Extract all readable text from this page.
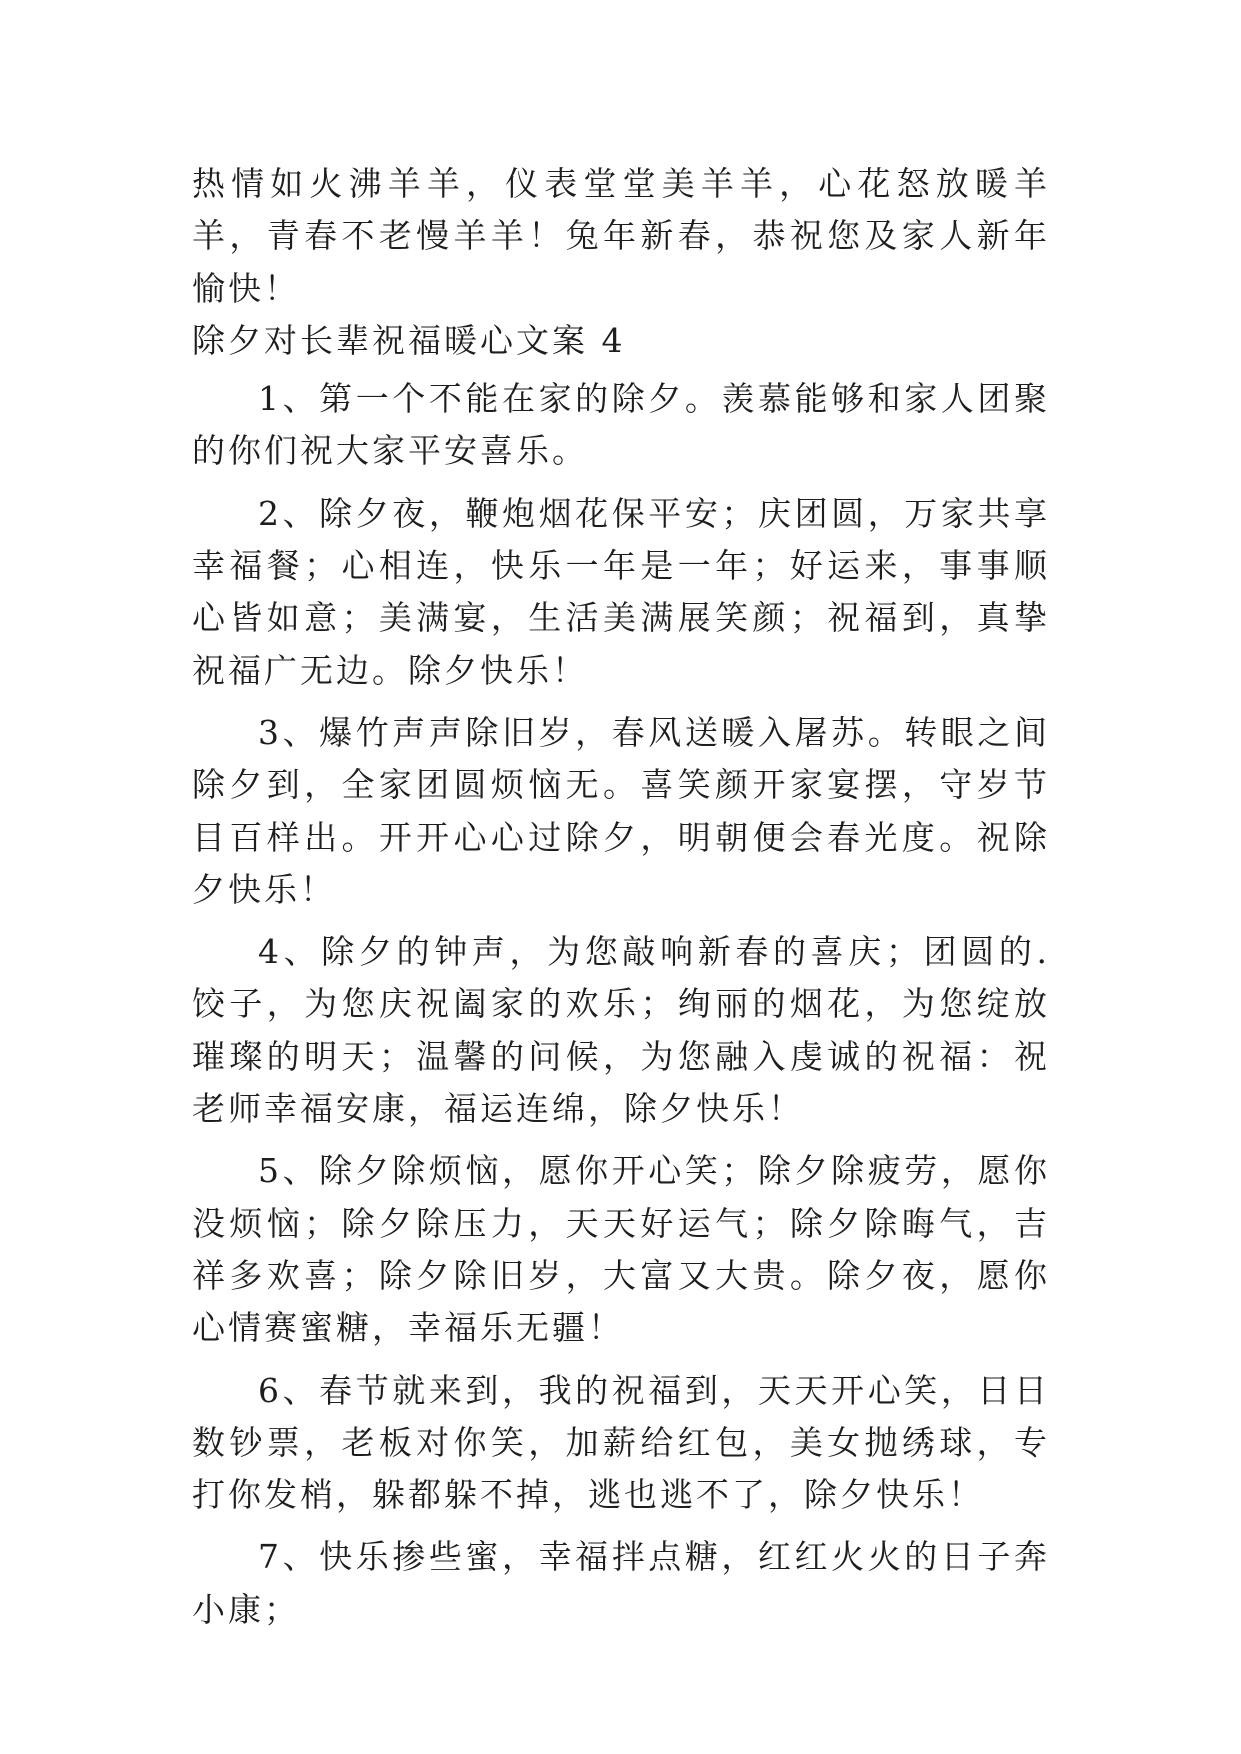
热情如火沸羊羊，仪表堂堂美羊羊，心花怒放暖羊羊，青春不老慢羊羊！兔年新春，恭祝您及家人新年愉快！

除夕对长辈祝福暖心文案 4

1、第一个不能在家的除夕。羡慕能够和家人团聚的你们祝大家平安喜乐。

2、除夕夜，鞭炮烟花保平安；庆团圆，万家共享幸福餐；心相连，快乐一年是一年；好运来，事事顺心皆如意；美满宴，生活美满展笑颜；祝福到，真挚祝福广无边。除夕快乐！

3、爆竹声声除旧岁，春风送暖入屠苏。转眼之间除夕到，全家团圆烦恼无。喜笑颜开家宴摆，守岁节目百样出。开开心心过除夕，明朝便会春光度。祝除夕快乐！

4、除夕的钟声，为您敲响新春的喜庆；团圆的.饺子，为您庆祝阖家的欢乐；绚丽的烟花，为您绽放璀璨的明天；温馨的问候，为您融入虔诚的祝福：祝老师幸福安康，福运连绵，除夕快乐！

5、除夕除烦恼，愿你开心笑；除夕除疲劳，愿你没烦恼；除夕除压力，天天好运气；除夕除晦气，吉祥多欢喜；除夕除旧岁，大富又大贵。除夕夜，愿你心情赛蜜糖，幸福乐无疆！

6、春节就来到，我的祝福到，天天开心笑，日日数钞票，老板对你笑，加薪给红包，美女抛绣球，专打你发梢，躲都躲不掉，逃也逃不了，除夕快乐！

7、快乐掺些蜜，幸福拌点糖，红红火火的日子奔小康；
